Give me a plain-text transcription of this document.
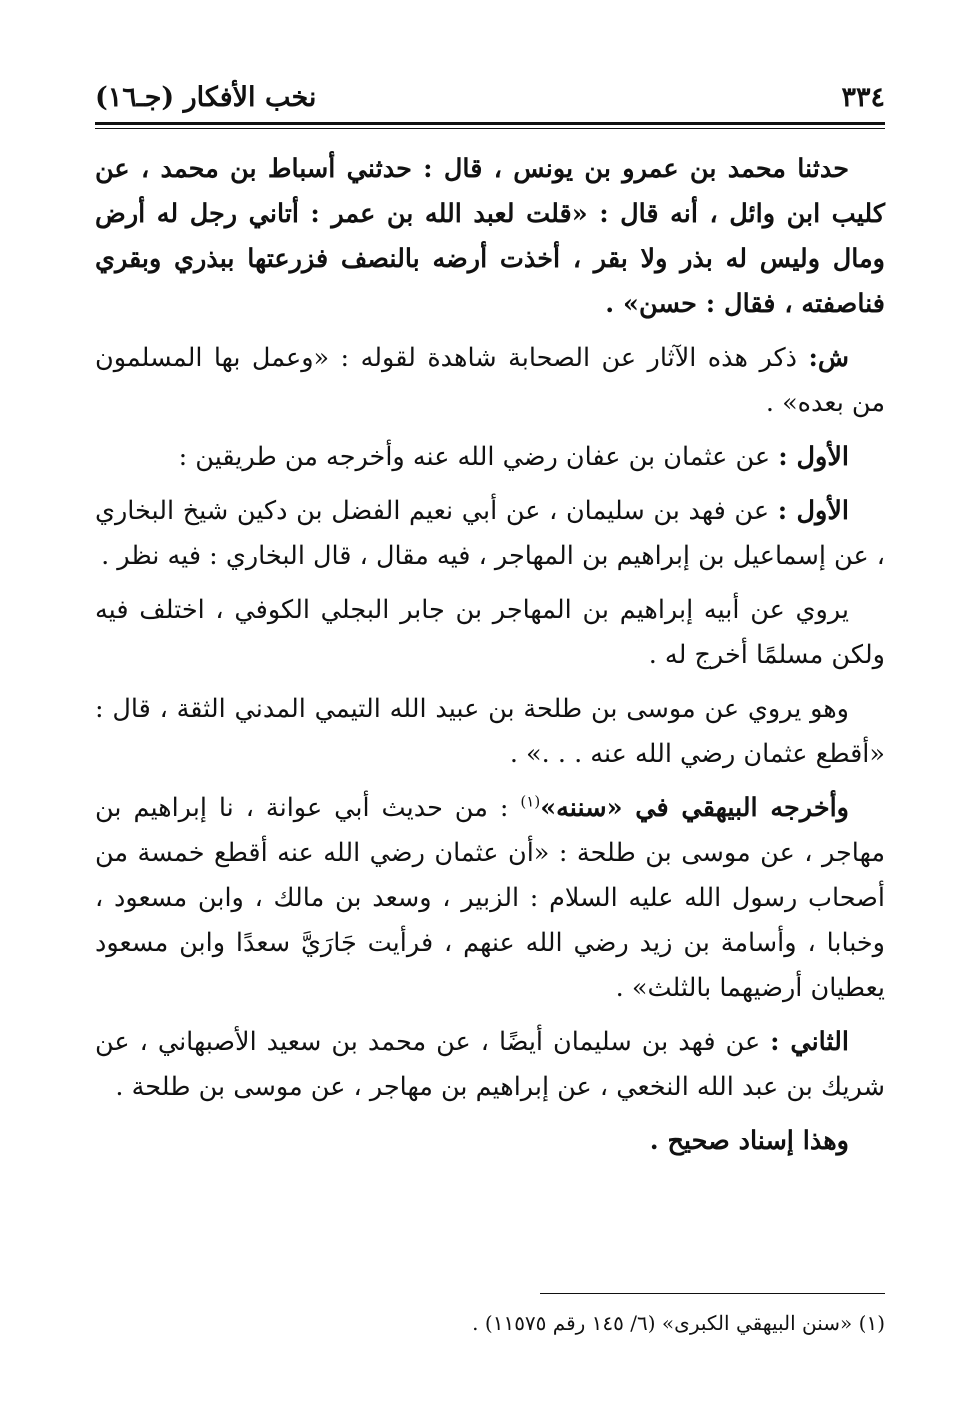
٣٣٤
نخب الأفكار (جـ١٦)

حدثنا محمد بن عمرو بن يونس ، قال : حدثني أسباط بن محمد ، عن كليب ابن وائل ، أنه قال : «قلت لعبد الله بن عمر : أتاني رجل له أرض ومال وليس له بذر ولا بقر ، أخذت أرضه بالنصف فزرعتها ببذري وبقري فناصفته ، فقال : حسن» .

ش: ذكر هذه الآثار عن الصحابة شاهدة لقوله : «وعمل بها المسلمون من بعده» .

الأول : عن عثمان بن عفان رضي الله عنه وأخرجه من طريقين :

الأول : عن فهد بن سليمان ، عن أبي نعيم الفضل بن دكين شيخ البخاري ، عن إسماعيل بن إبراهيم بن المهاجر ، فيه مقال ، قال البخاري : فيه نظر .

يروي عن أبيه إبراهيم بن المهاجر بن جابر البجلي الكوفي ، اختلف فيه ولكن مسلمًا أخرج له .

وهو يروي عن موسى بن طلحة بن عبيد الله التيمي المدني الثقة ، قال : «أقطع عثمان رضي الله عنه . . .» .

وأخرجه البيهقي في «سننه»$^{(١)}$ : من حديث أبي عوانة ، نا إبراهيم بن مهاجر ، عن موسى بن طلحة : «أن عثمان رضي الله عنه أقطع خمسة من أصحاب رسول الله عليه السلام : الزبير ، وسعد بن مالك ، وابن مسعود ، وخبابا ، وأسامة بن زيد رضي الله عنهم ، فرأيت جَارَيَّ سعدًا وابن مسعود يعطيان أرضيهما بالثلث» .

الثاني : عن فهد بن سليمان أيضًا ، عن محمد بن سعيد الأصبهاني ، عن شريك بن عبد الله النخعي ، عن إبراهيم بن مهاجر ، عن موسى بن طلحة .

وهذا إسناد صحيح .

(١) «سنن البيهقي الكبرى» (٦/ ١٤٥ رقم ١١٥٧٥) .
